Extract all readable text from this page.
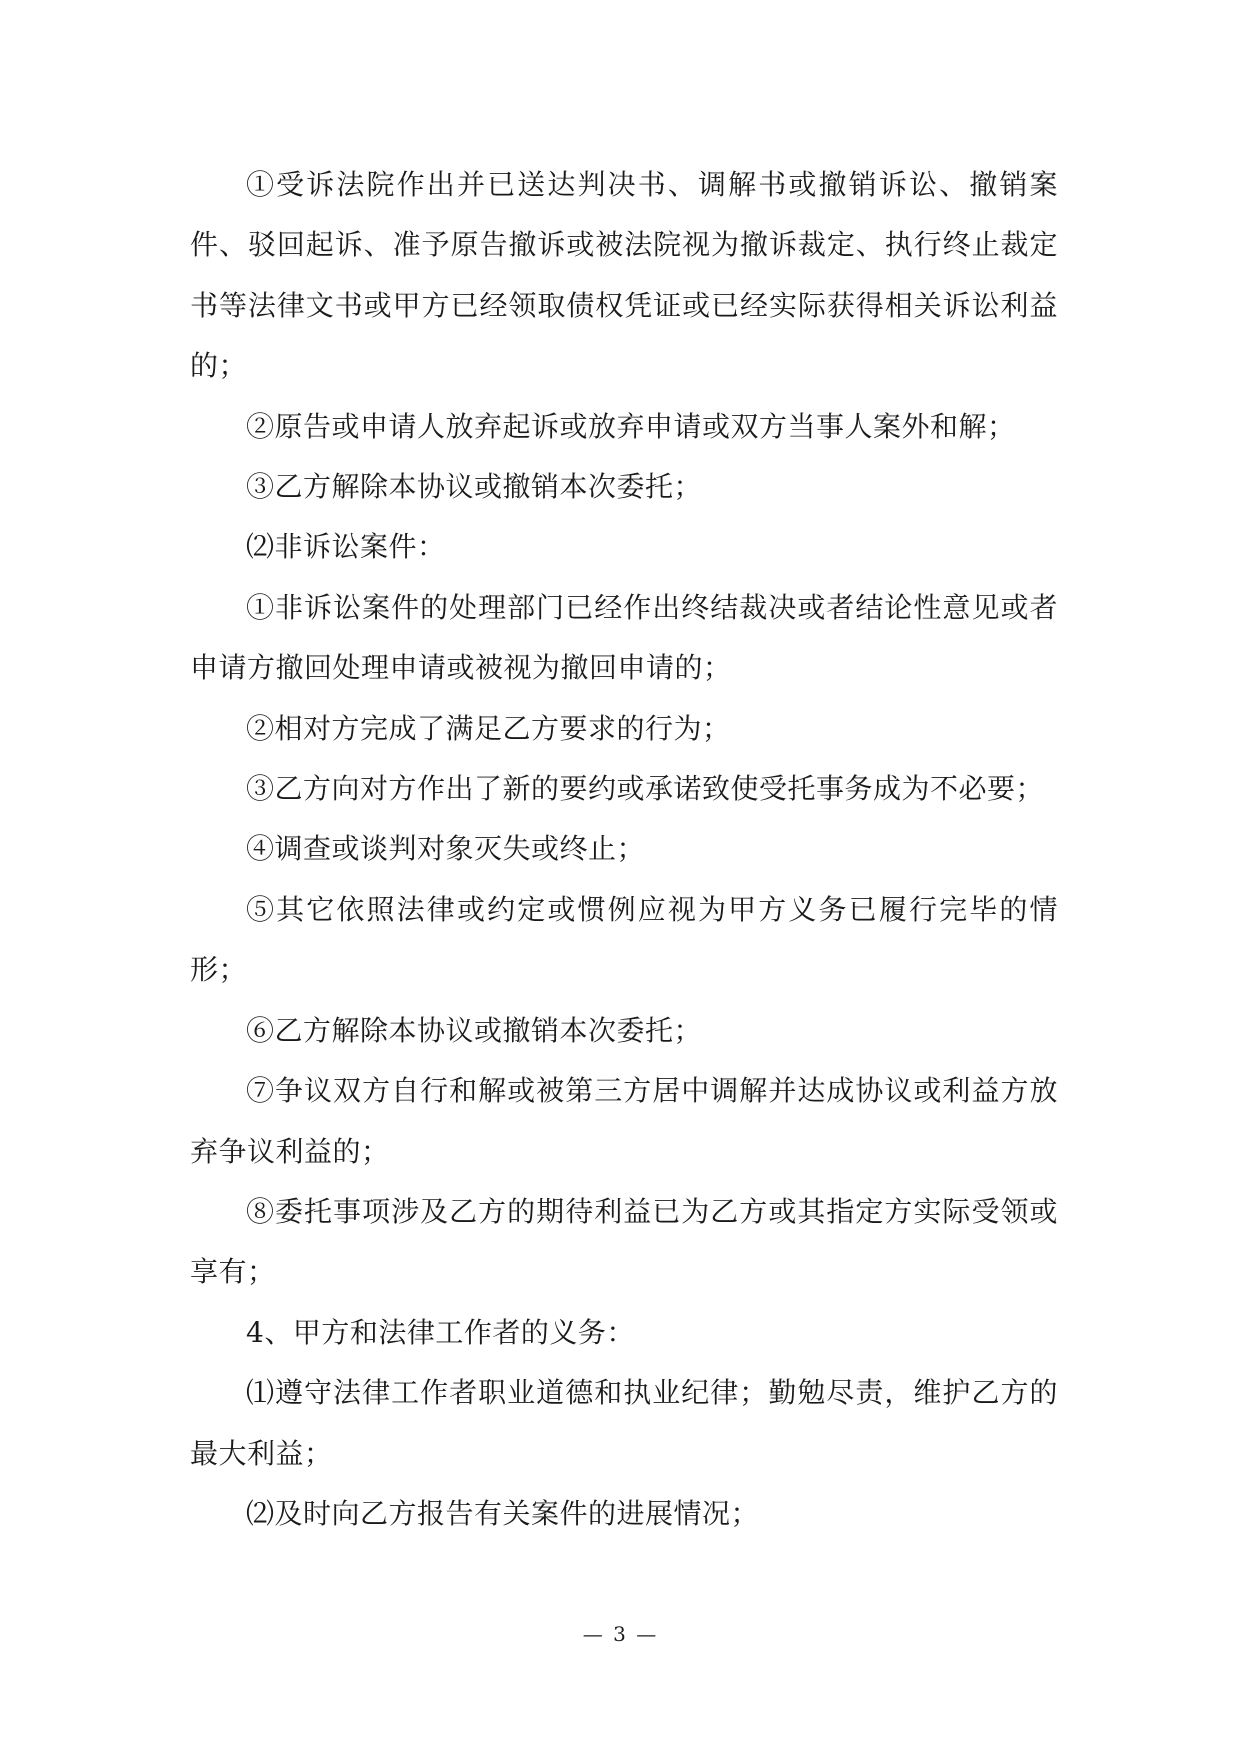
①受诉法院作出并已送达判决书、调解书或撤销诉讼、撤销案件、驳回起诉、准予原告撤诉或被法院视为撤诉裁定、执行终止裁定书等法律文书或甲方已经领取债权凭证或已经实际获得相关诉讼利益的；

②原告或申请人放弃起诉或放弃申请或双方当事人案外和解；

③乙方解除本协议或撤销本次委托；

⑵非诉讼案件：

①非诉讼案件的处理部门已经作出终结裁决或者结论性意见或者申请方撤回处理申请或被视为撤回申请的；

②相对方完成了满足乙方要求的行为；

③乙方向对方作出了新的要约或承诺致使受托事务成为不必要；

④调查或谈判对象灭失或终止；

⑤其它依照法律或约定或惯例应视为甲方义务已履行完毕的情形；

⑥乙方解除本协议或撤销本次委托；

⑦争议双方自行和解或被第三方居中调解并达成协议或利益方放弃争议利益的；

⑧委托事项涉及乙方的期待利益已为乙方或其指定方实际受领或享有；

4、甲方和法律工作者的义务：

⑴遵守法律工作者职业道德和执业纪律；勤勉尽责，维护乙方的最大利益；

⑵及时向乙方报告有关案件的进展情况；

— 3 —
